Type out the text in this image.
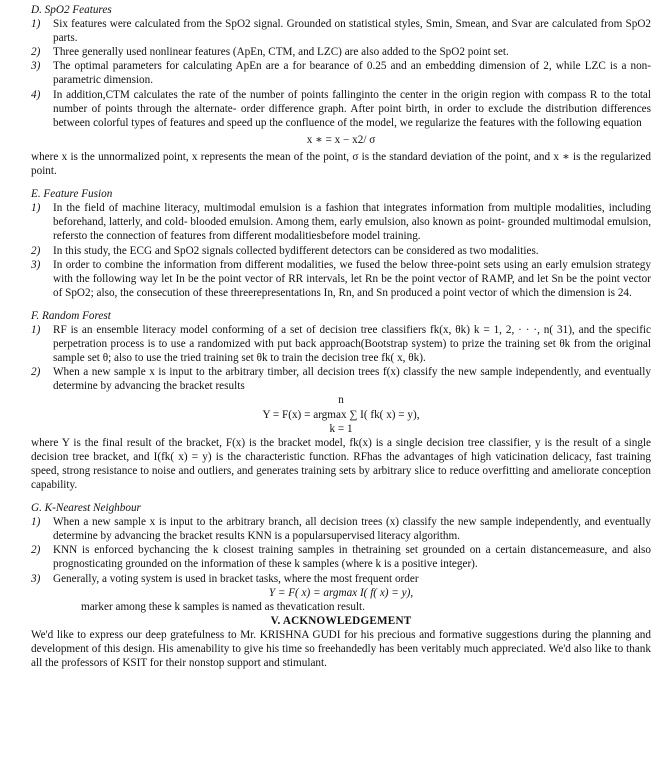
D. SpO2 Features

1) Six features were calculated from the SpO2 signal. Grounded on statistical styles, Smin, Smean, and Svar are calculated from SpO2 parts.

2) Three generally used nonlinear features (ApEn, CTM, and LZC) are also added to the SpO2 point set.

3) The optimal parameters for calculating ApEn are a for bearance of 0.25 and an embedding dimension of 2, while LZC is a non-parametric dimension.

4) In addition,CTM calculates the rate of the number of points fallinginto the center in the origin region with compass R to the total number of points through the alternate- order difference graph. After point birth, in order to exclude the distribution differences between colorful types of features and speed up the confluence of the model, we regularize the features with the following equation

x ∗ = x − x2/ σ

where x is the unnormalized point, x represents the mean of the point, σ is the standard deviation of the point, and x ∗ is the regularized point.

E. Feature Fusion

1) In the field of machine literacy, multimodal emulsion is a fashion that integrates information from multiple modalities, including beforehand, latterly, and cold- blooded emulsion. Among them, early emulsion, also known as point- grounded multimodal emulsion, refersto the connection of features from different modalitiesbefore model training.

2) In this study, the ECG and SpO2 signals collected bydifferent detectors can be considered as two modalities.

3) In order to combine the information from different modalities, we fused the below three-point sets using an early emulsion strategy with the following way let In be the point vector of RR intervals, let Rn be the point vector of RAMP, and let Sn be the point vector of SpO2; also, the consecution of these threerepresentations In, Rn, and Sn produced a point vector of which the dimension is 24.

F. Random Forest

1) RF is an ensemble literacy model conforming of a set of decision tree classifiers fk(x, θk) k = 1, 2, · · ·, n( 31), and the specific perpetration process is to use a randomized with put back approach(Bootstrap system) to prize the training set θk from the original sample set θ; also to use the tried training set θk to train the decision tree fk( x, θk).

2) When a new sample x is input to the arbitrary timber, all decision trees f(x) classify the new sample independently, and eventually determine by advancing the bracket results

n

Y = F(x) = argmax ∑ I( fk( x) = y),

k = 1

where Y is the final result of the bracket, F(x) is the bracket model, fk(x) is a single decision tree classifier, y is the result of a single decision tree bracket, and I(fk( x) = y) is the characteristic function. RFhas the advantages of high vaticination delicacy, fast training speed, strong resistance to noise and outliers, and generates training sets by arbitrary slice to reduce overfitting and ameliorate conception capability.

G. K-Nearest Neighbour

1) When a new sample x is input to the arbitrary branch, all decision trees (x) classify the new sample independently, and eventually determine by advancing the bracket results KNN is a popularsupervised literacy algorithm.

2) KNN is enforced bychancing the k closest training samples in thetraining set grounded on a certain distancemeasure, and also prognosticating grounded on the information of these k samples (where k is a positive integer).

3) Generally, a voting system is used in bracket tasks, where the most frequent order

Y = F( x) = argmax I( f( x) = y),

marker among these k samples is named as thevatication result.

V. ACKNOWLEDGEMENT

We'd like to express our deep gratefulness to Mr. KRISHNA GUDI for his precious and formative suggestions during the planning and development of this design. His amenability to give his time so freehandedly has been veritably much appreciated. We'd also like to thank all the professors of KSIT for their nonstop support and stimulant.
